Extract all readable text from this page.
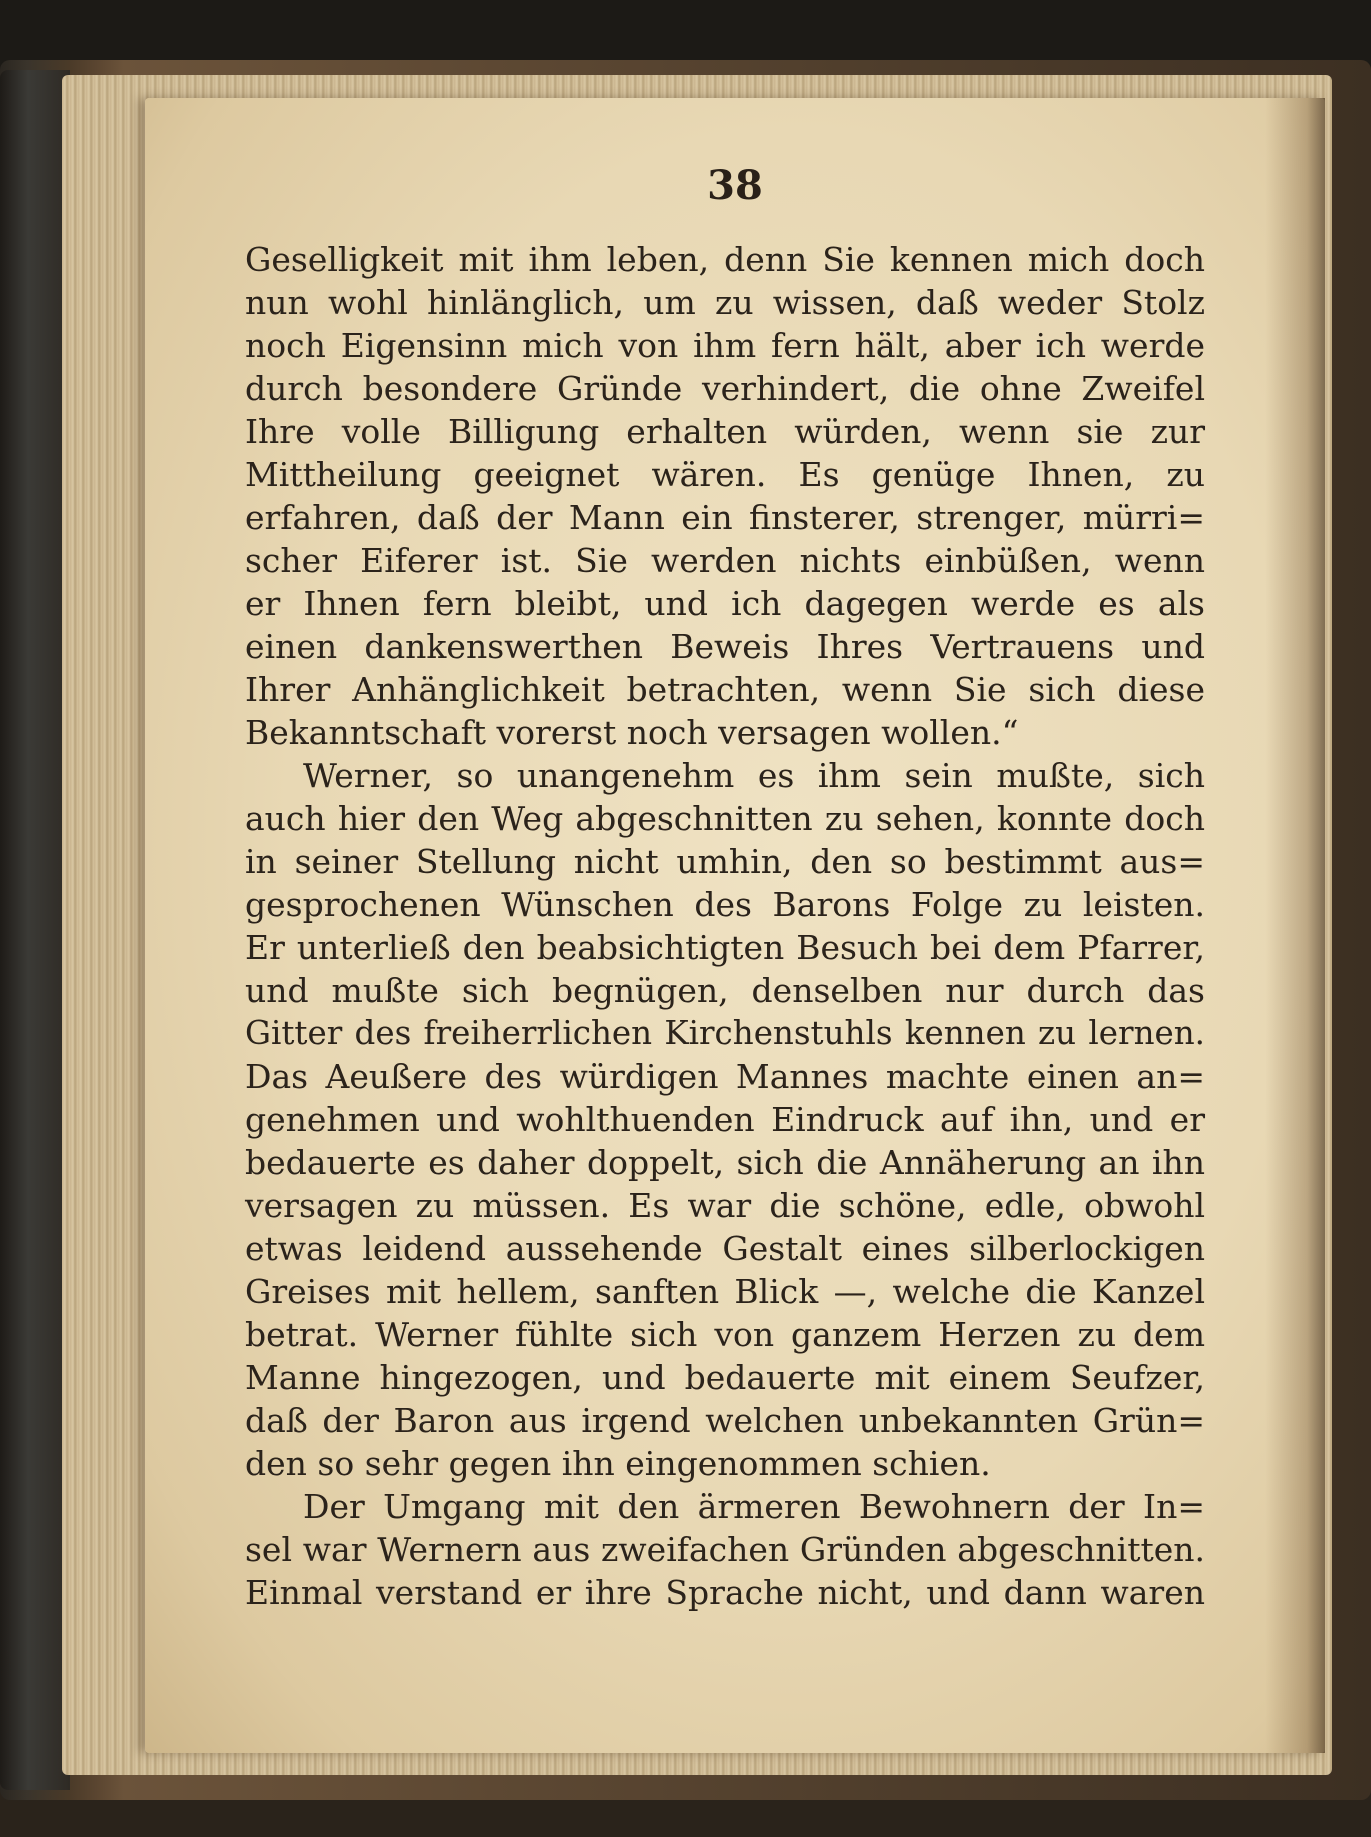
38
Geselligkeit mit ihm leben, denn Sie kennen mich doch
nun wohl hinlänglich, um zu wissen, daß weder Stolz
noch Eigensinn mich von ihm fern hält, aber ich werde
durch besondere Gründe verhindert, die ohne Zweifel
Ihre volle Billigung erhalten würden, wenn sie zur
Mittheilung geeignet wären. Es genüge Ihnen, zu
erfahren, daß der Mann ein finsterer, strenger, mürri=
scher Eiferer ist. Sie werden nichts einbüßen, wenn
er Ihnen fern bleibt, und ich dagegen werde es als
einen dankenswerthen Beweis Ihres Vertrauens und
Ihrer Anhänglichkeit betrachten, wenn Sie sich diese
Bekanntschaft vorerst noch versagen wollen.“
Werner, so unangenehm es ihm sein mußte, sich
auch hier den Weg abgeschnitten zu sehen, konnte doch
in seiner Stellung nicht umhin, den so bestimmt aus=
gesprochenen Wünschen des Barons Folge zu leisten.
Er unterließ den beabsichtigten Besuch bei dem Pfarrer,
und mußte sich begnügen, denselben nur durch das
Gitter des freiherrlichen Kirchenstuhls kennen zu lernen.
Das Aeußere des würdigen Mannes machte einen an=
genehmen und wohlthuenden Eindruck auf ihn, und er
bedauerte es daher doppelt, sich die Annäherung an ihn
versagen zu müssen. Es war die schöne, edle, obwohl
etwas leidend aussehende Gestalt eines silberlockigen
Greises mit hellem, sanften Blick —, welche die Kanzel
betrat. Werner fühlte sich von ganzem Herzen zu dem
Manne hingezogen, und bedauerte mit einem Seufzer,
daß der Baron aus irgend welchen unbekannten Grün=
den so sehr gegen ihn eingenommen schien.
Der Umgang mit den ärmeren Bewohnern der In=
sel war Wernern aus zweifachen Gründen abgeschnitten.
Einmal verstand er ihre Sprache nicht, und dann waren
